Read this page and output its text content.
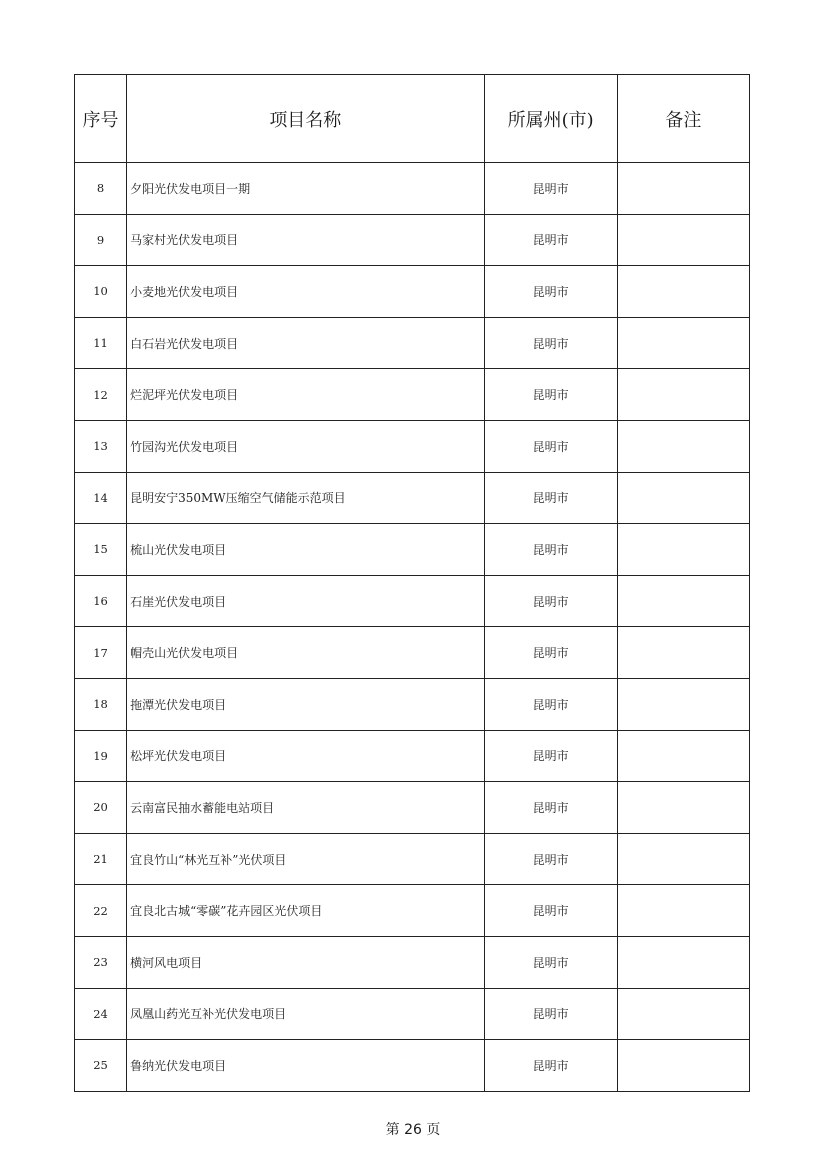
序号	项目名称	所属州(市)	备注
8	夕阳光伏发电项目一期	昆明市	
9	马家村光伏发电项目	昆明市	
10	小麦地光伏发电项目	昆明市	
11	白石岩光伏发电项目	昆明市	
12	烂泥坪光伏发电项目	昆明市	
13	竹园沟光伏发电项目	昆明市	
14	昆明安宁350MW压缩空气储能示范项目	昆明市	
15	梳山光伏发电项目	昆明市	
16	石崖光伏发电项目	昆明市	
17	帽壳山光伏发电项目	昆明市	
18	拖潭光伏发电项目	昆明市	
19	松坪光伏发电项目	昆明市	
20	云南富民抽水蓄能电站项目	昆明市	
21	宜良竹山“林光互补”光伏项目	昆明市	
22	宜良北古城“零碳”花卉园区光伏项目	昆明市	
23	横河风电项目	昆明市	
24	凤凰山药光互补光伏发电项目	昆明市	
25	鲁纳光伏发电项目	昆明市	
第 26 页
